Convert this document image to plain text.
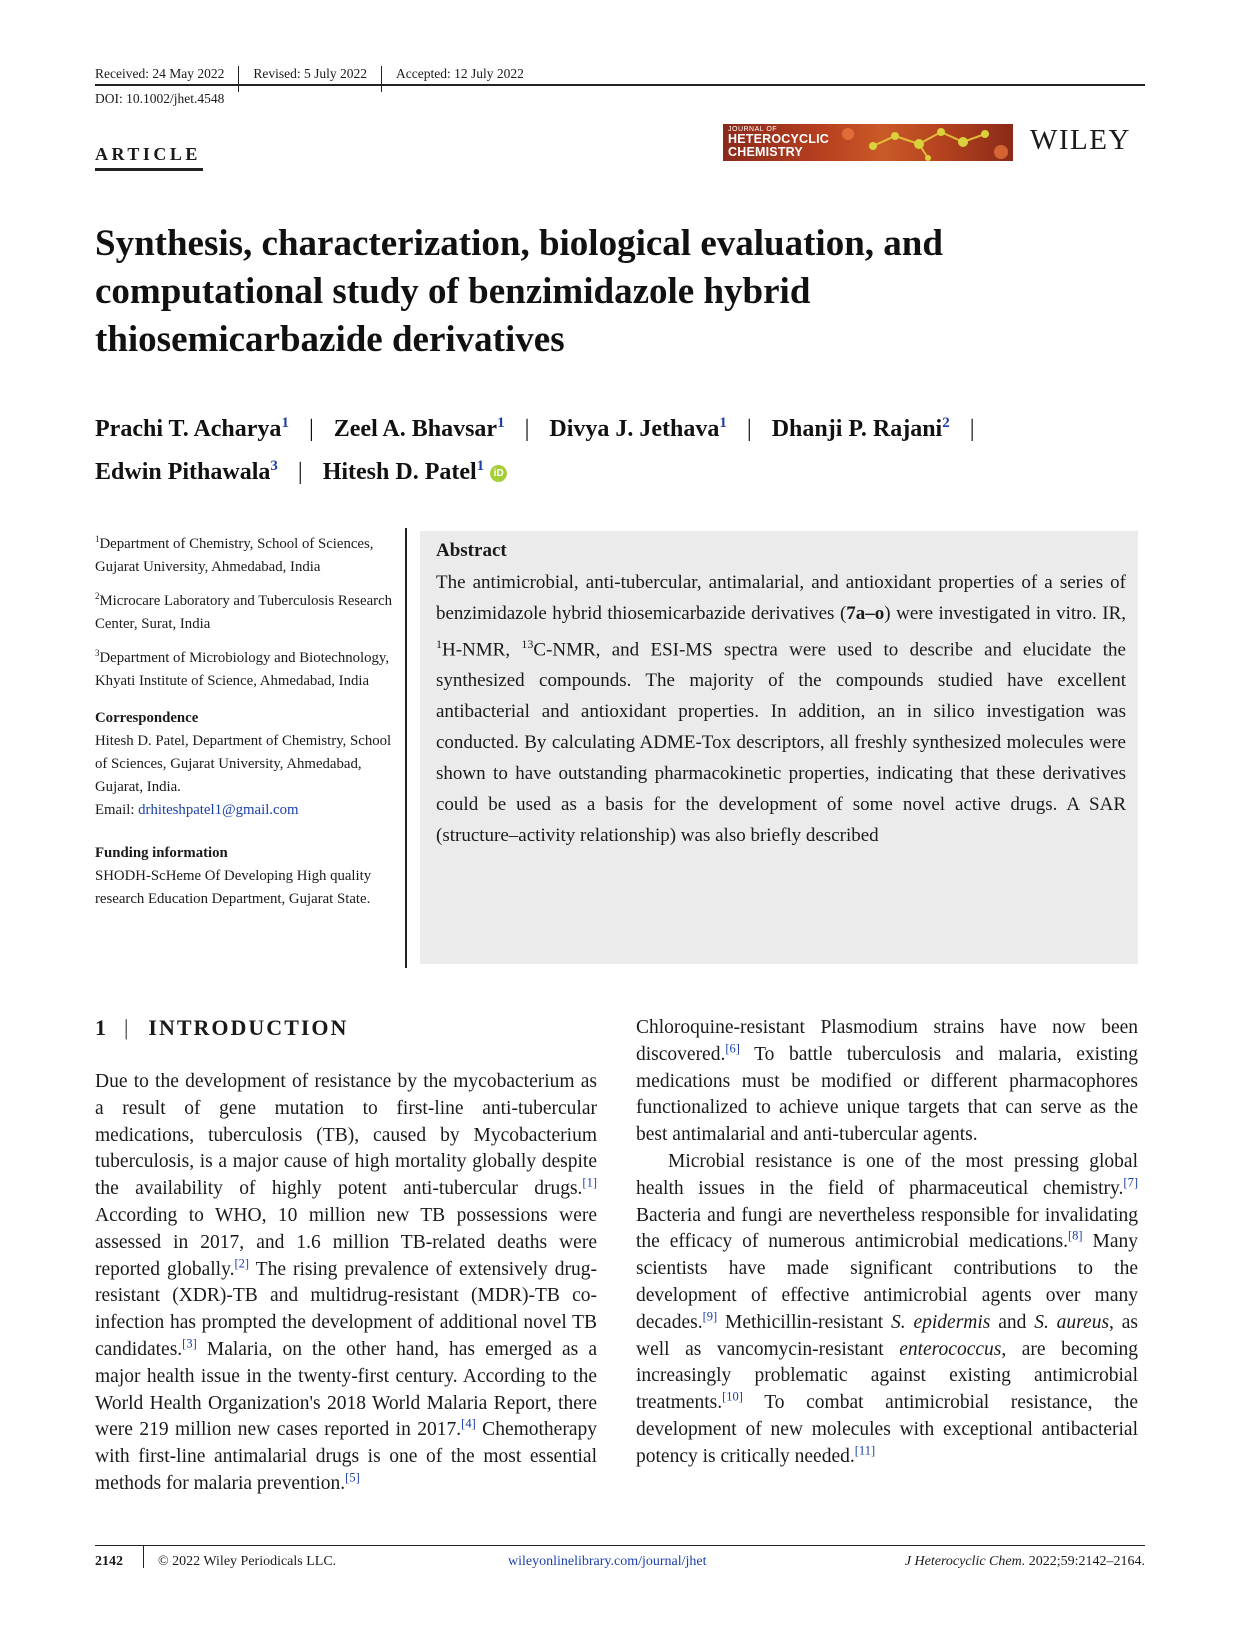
Received: 24 May 2022 Revised: 5 July 2022 Accepted: 12 July 2022
DOI: 10.1002/jhet.4548
ARTICLE
JOURNAL OF
HETEROCYCLIC
CHEMISTRY	WILEY
Synthesis, characterization, biological evaluation, and
computational study of benzimidazole hybrid
thiosemicarbazide derivatives
Prachi T. Acharya$^1$ | Zeel A. Bhavsar$^1$ | Divya J. Jethava$^1$ | Dhanji P. Rajani$^2$ |
Edwin Pithawala$^3$ | Hitesh D. Patel$^1$ iD

$^1$Department of Chemistry, School of Sciences, Gujarat University, Ahmedabad, India

$^2$Microcare Laboratory and Tuberculosis Research Center, Surat, India

$^3$Department of Microbiology and Biotechnology, Khyati Institute of Science, Ahmedabad, India

Correspondence
Hitesh D. Patel, Department of Chemistry, School of Sciences, Gujarat University, Ahmedabad, Gujarat, India.
Email: drhiteshpatel1@gmail.com
Funding information
SHODH-ScHeme Of Developing High quality research Education Department, Gujarat State.
Abstract
The antimicrobial, anti-tubercular, antimalarial, and antioxidant properties of a series of benzimidazole hybrid thiosemicarbazide derivatives (7a–o) were investigated in vitro. IR, $^1$H-NMR, $^{13}$C-NMR, and ESI-MS spectra were used to describe and elucidate the synthesized compounds. The majority of the compounds studied have excellent antibacterial and antioxidant properties. In addition, an in silico investigation was conducted. By calculating ADME-Tox descriptors, all freshly synthesized molecules were shown to have outstanding pharmacokinetic properties, indicating that these derivatives could be used as a basis for the development of some novel active drugs. A SAR (structure–activity relationship) was also briefly described
1 | INTRODUCTION
Due to the development of resistance by the mycobacterium as a result of gene mutation to first-line anti-tubercular medications, tuberculosis (TB), caused by Mycobacterium tuberculosis, is a major cause of high mortality globally despite the availability of highly potent anti-tubercular drugs.[1] According to WHO, 10 million new TB possessions were assessed in 2017, and 1.6 million TB-related deaths were reported globally.[2] The rising prevalence of extensively drug-resistant (XDR)-TB and multidrug-resistant (MDR)-TB co-infection has prompted the development of additional novel TB candidates.[3] Malaria, on the other hand, has emerged as a major health issue in the twenty-first century. According to the World Health Organization's 2018 World Malaria Report, there were 219 million new cases reported in 2017.[4] Chemotherapy with first-line antimalarial drugs is one of the most essential methods for malaria prevention.[5]

Chloroquine-resistant Plasmodium strains have now been discovered.[6] To battle tuberculosis and malaria, existing medications must be modified or different pharmacophores functionalized to achieve unique targets that can serve as the best antimalarial and anti-tubercular agents.

Microbial resistance is one of the most pressing global health issues in the field of pharmaceutical chemistry.[7] Bacteria and fungi are nevertheless responsible for invalidating the efficacy of numerous antimicrobial medications.[8] Many scientists have made significant contributions to the development of effective antimicrobial agents over many decades.[9] Methicillin-resistant S. epidermis and S. aureus, as well as vancomycin-resistant enterococcus, are becoming increasingly problematic against existing antimicrobial treatments.[10] To combat antimicrobial resistance, the development of new molecules with exceptional antibacterial potency is critically needed.[11]

2142	© 2022 Wiley Periodicals LLC.	wileyonlinelibrary.com/journal/jhet	J Heterocyclic Chem. 2022;59:2142–2164.
